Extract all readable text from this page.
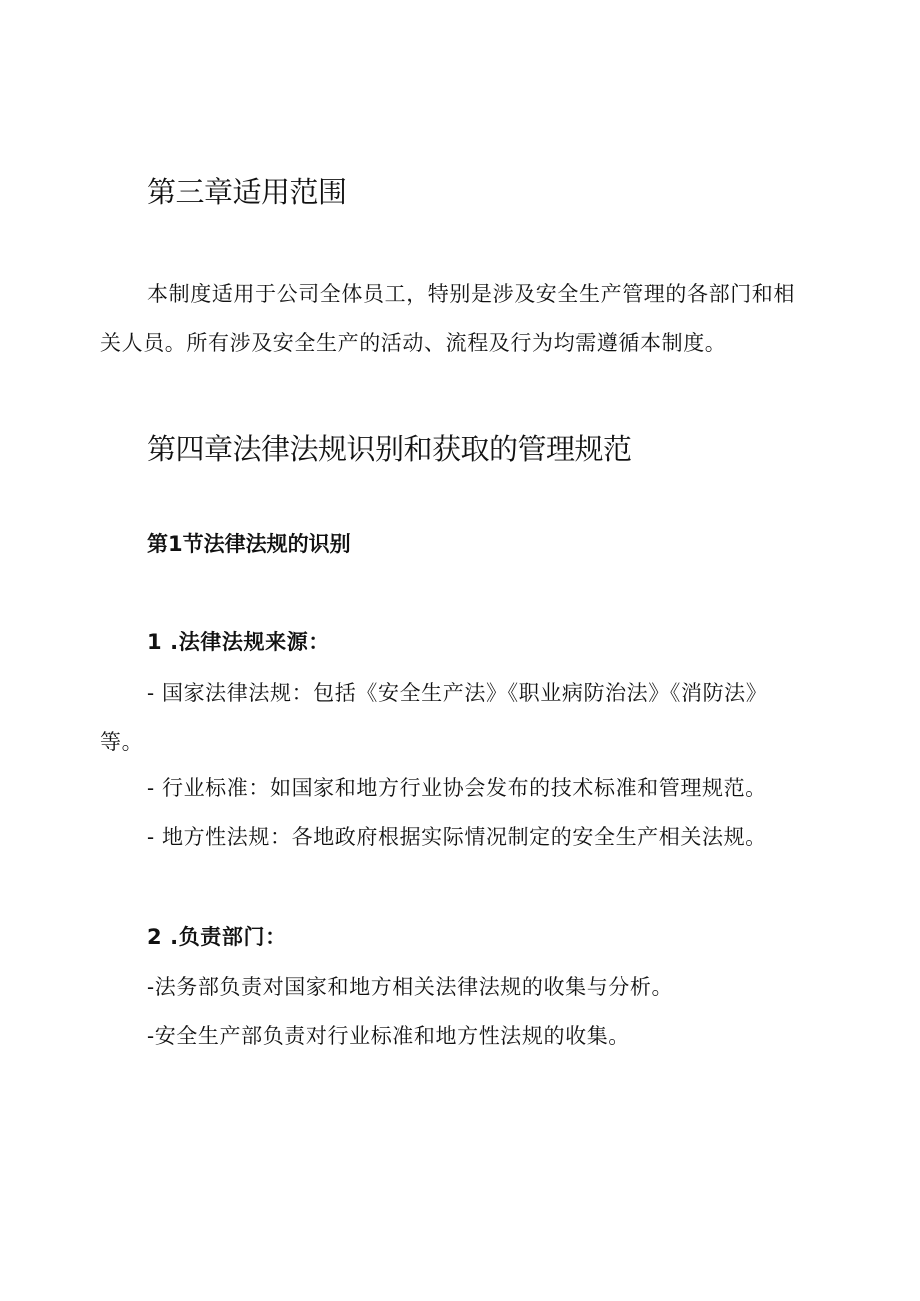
第三章适用范围
本制度适用于公司全体员工，特别是涉及安全生产管理的各部门和相
关人员。所有涉及安全生产的活动、流程及行为均需遵循本制度。
第四章法律法规识别和获取的管理规范
第1节法律法规的识别
1 .法律法规来源：
- 国家法律法规：包括《安全生产法》《职业病防治法》《消防法》
等。
- 行业标准：如国家和地方行业协会发布的技术标准和管理规范。
- 地方性法规：各地政府根据实际情况制定的安全生产相关法规。
2 .负责部门：
-法务部负责对国家和地方相关法律法规的收集与分析。
-安全生产部负责对行业标准和地方性法规的收集。
